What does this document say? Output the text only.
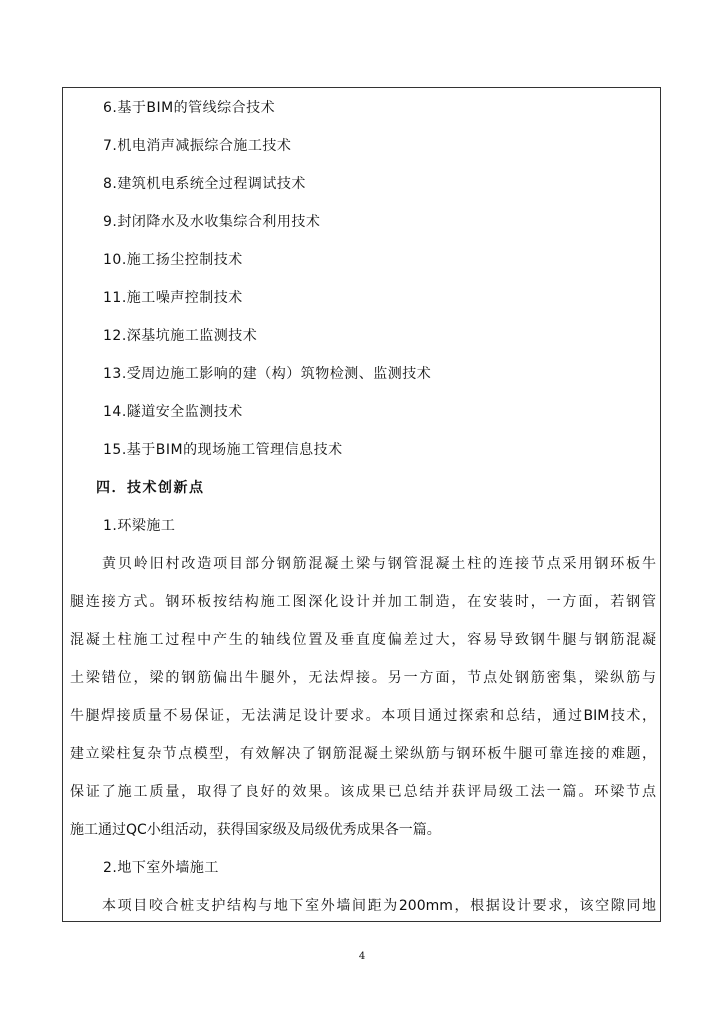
6.基于BIM的管线综合技术
7.机电消声减振综合施工技术
8.建筑机电系统全过程调试技术
9.封闭降水及水收集综合利用技术
10.施工扬尘控制技术
11.施工噪声控制技术
12.深基坑施工监测技术
13.受周边施工影响的建（构）筑物检测、监测技术
14.隧道安全监测技术
15.基于BIM的现场施工管理信息技术
四．技术创新点
1.环梁施工
黄贝岭旧村改造项目部分钢筋混凝土梁与钢管混凝土柱的连接节点采用钢环板牛
腿连接方式。钢环板按结构施工图深化设计并加工制造，在安装时，一方面，若钢管
混凝土柱施工过程中产生的轴线位置及垂直度偏差过大，容易导致钢牛腿与钢筋混凝
土梁错位，梁的钢筋偏出牛腿外，无法焊接。另一方面，节点处钢筋密集，梁纵筋与
牛腿焊接质量不易保证，无法满足设计要求。本项目通过探索和总结，通过BIM技术，
建立梁柱复杂节点模型，有效解决了钢筋混凝土梁纵筋与钢环板牛腿可靠连接的难题，
保证了施工质量，取得了良好的效果。该成果已总结并获评局级工法一篇。环梁节点
施工通过QC小组活动，获得国家级及局级优秀成果各一篇。
2.地下室外墙施工
本项目咬合桩支护结构与地下室外墙间距为200mm，根据设计要求，该空隙同地
4
